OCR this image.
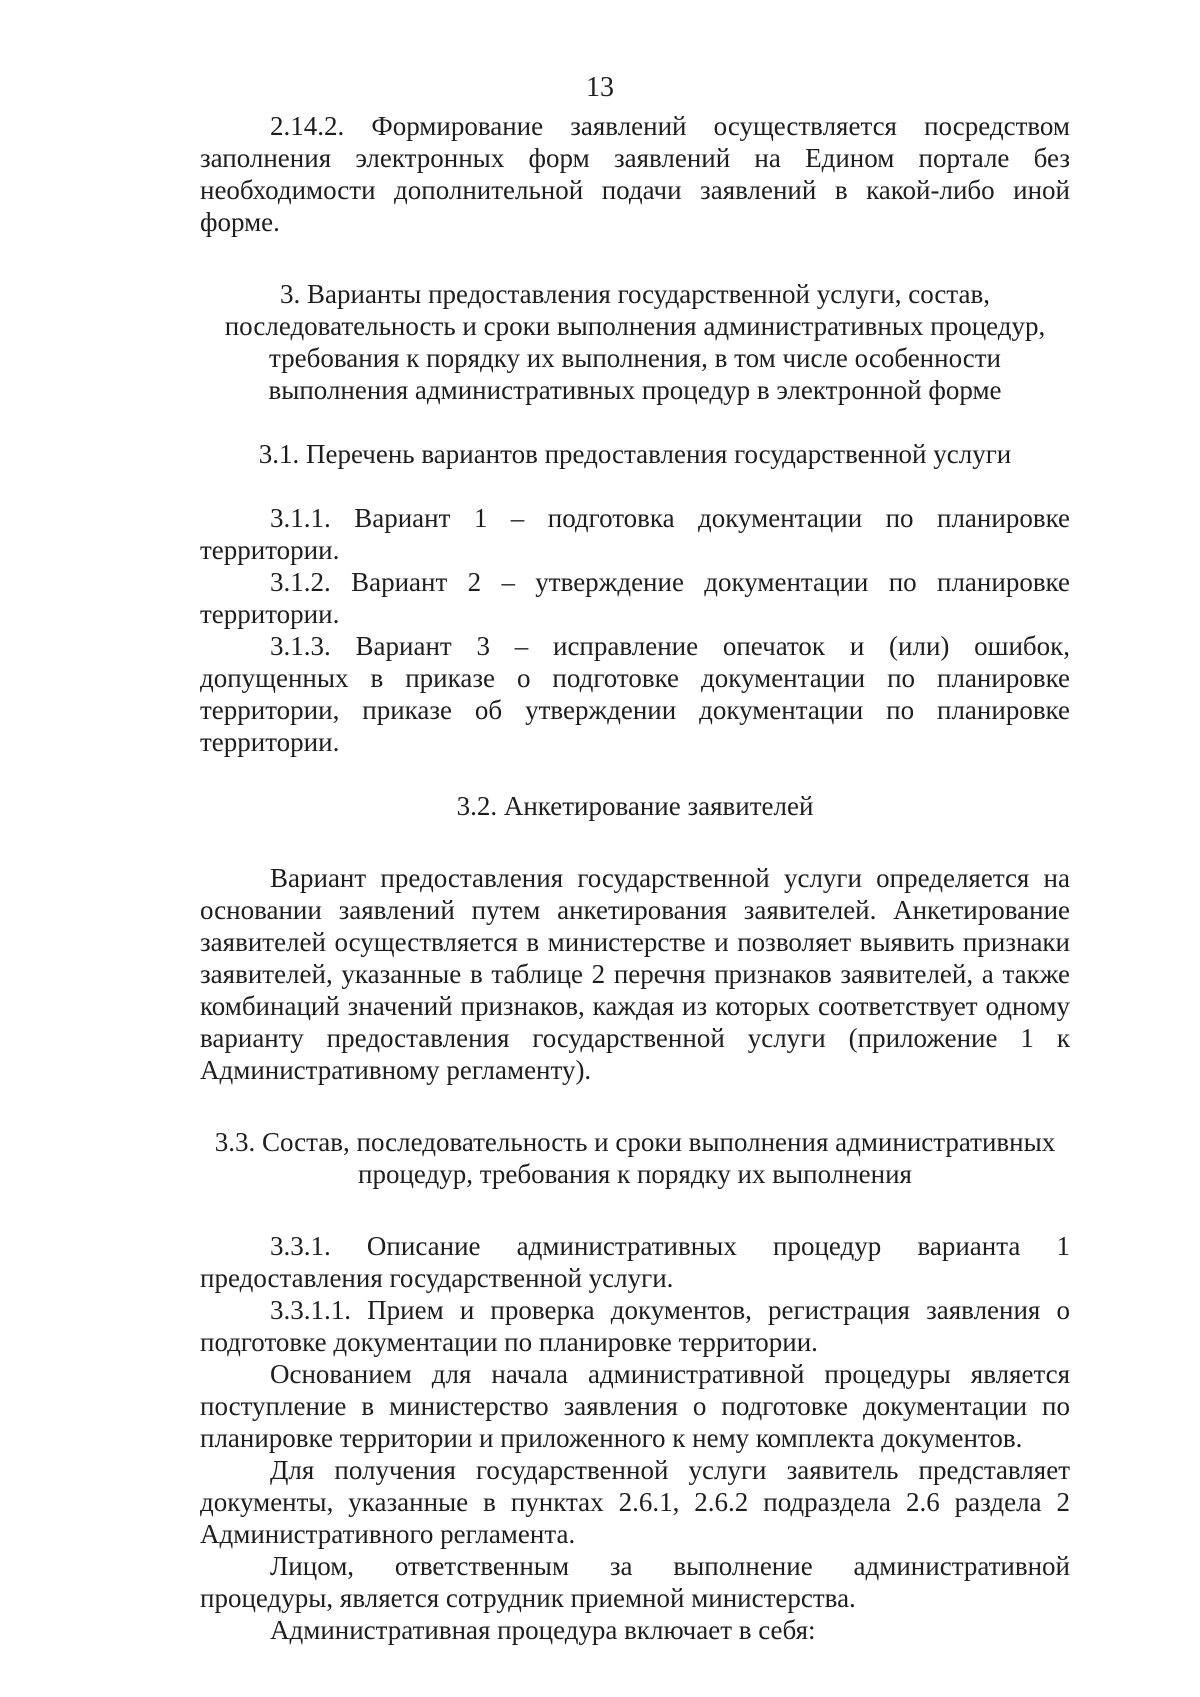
13

2.14.2. Формирование заявлений осуществляется посредством заполнения электронных форм заявлений на Едином портале без необходимости дополнительной подачи заявлений в какой-либо иной форме.

3. Варианты предоставления государственной услуги, состав, последовательность и сроки выполнения административных процедур, требования к порядку их выполнения, в том числе особенности выполнения административных процедур в электронной форме

3.1. Перечень вариантов предоставления государственной услуги

3.1.1. Вариант 1 – подготовка документации по планировке территории.

3.1.2. Вариант 2 – утверждение документации по планировке территории.

3.1.3. Вариант 3 – исправление опечаток и (или) ошибок, допущенных в приказе о подготовке документации по планировке территории, приказе об утверждении документации по планировке территории.

3.2. Анкетирование заявителей

Вариант предоставления государственной услуги определяется на основании заявлений путем анкетирования заявителей. Анкетирование заявителей осуществляется в министерстве и позволяет выявить признаки заявителей, указанные в таблице 2 перечня признаков заявителей, а также комбинаций значений признаков, каждая из которых соответствует одному варианту предоставления государственной услуги (приложение 1 к Административному регламенту).

3.3. Состав, последовательность и сроки выполнения административных процедур, требования к порядку их выполнения

3.3.1. Описание административных процедур варианта 1 предоставления государственной услуги.

3.3.1.1. Прием и проверка документов, регистрация заявления о подготовке документации по планировке территории.

Основанием для начала административной процедуры является поступление в министерство заявления о подготовке документации по планировке территории и приложенного к нему комплекта документов.

Для получения государственной услуги заявитель представляет документы, указанные в пунктах 2.6.1, 2.6.2 подраздела 2.6 раздела 2 Административного регламента.

Лицом, ответственным за выполнение административной процедуры, является сотрудник приемной министерства.

Административная процедура включает в себя:
